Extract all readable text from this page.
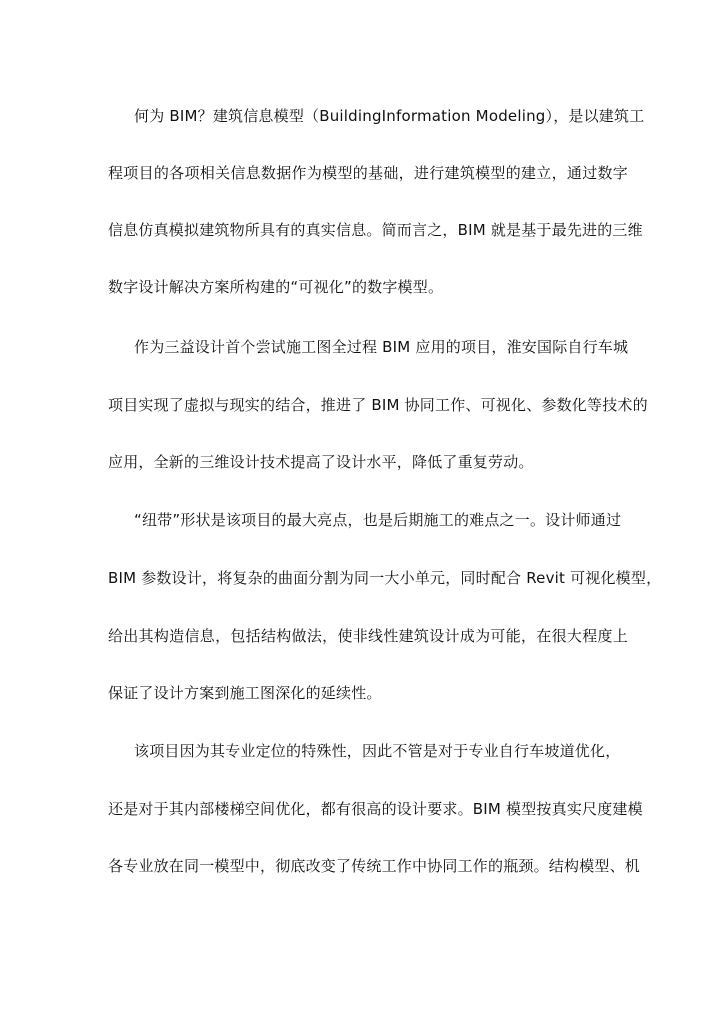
何为 BIM？建筑信息模型（BuildingInformation Modeling），是以建筑工
程项目的各项相关信息数据作为模型的基础，进行建筑模型的建立，通过数字
信息仿真模拟建筑物所具有的真实信息。简而言之，BIM 就是基于最先进的三维
数字设计解决方案所构建的“可视化”的数字模型。
作为三益设计首个尝试施工图全过程 BIM 应用的项目，淮安国际自行车城
项目实现了虚拟与现实的结合，推进了 BIM 协同工作、可视化、参数化等技术的
应用，全新的三维设计技术提高了设计水平，降低了重复劳动。
“纽带”形状是该项目的最大亮点，也是后期施工的难点之一。设计师通过
BIM 参数设计，将复杂的曲面分割为同一大小单元，同时配合 Revit 可视化模型，
给出其构造信息，包括结构做法，使非线性建筑设计成为可能，在很大程度上
保证了设计方案到施工图深化的延续性。
该项目因为其专业定位的特殊性，因此不管是对于专业自行车坡道优化，
还是对于其内部楼梯空间优化，都有很高的设计要求。BIM 模型按真实尺度建模
各专业放在同一模型中，彻底改变了传统工作中协同工作的瓶颈。结构模型、机
